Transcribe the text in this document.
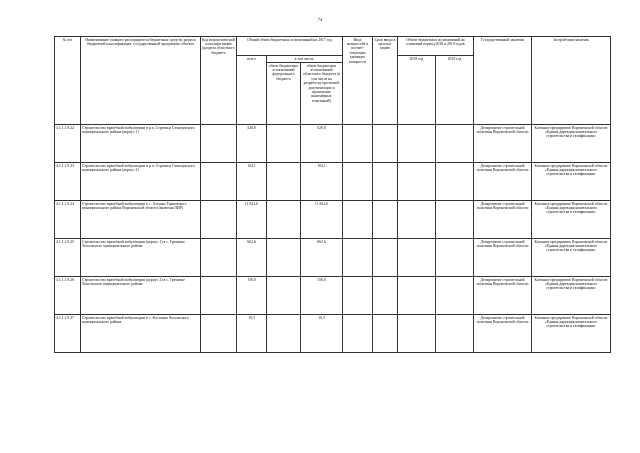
74
№ п/п	Наименование главного распорядителя бюджетных средств, раздела бюджетной классификации, государственной программы, объекта	Код ведомствен-ной классифи-кации (раздела областного бюджета	Общий объем бюджетных ассигнований на 2017 год			Ввод мощностей в соответ-ствующих единицах мощности	Срок ввода в эксплуа-тацию	Объем бюджетных ассигнований на плановый период 2018 и 2019 годов		Государственный заказчик	Застрой-щик/заказчик
			всего	в том числе:				2018 год	2019 год		
				объем бюджетных ассигнований федерального бюджета	объем бюджетных ассигнований областного бюджета (в том числе на разработку проектной документации и проведение инженерных изысканий)						
4.1.1.1.9.22	Строительство врачебной амбулатории в р.п. Стрелица Семилукского муниципального района (корпус 1)		520,8		520,8					Департамент строительной политики Воронежской области	Казенное предприятие Воронежской области «Единая дирекция капитального строительства и газификации»
4.1.1.1.9.23	Строительство врачебной амбулатории в р.п. Стрелица Семилукского муниципального района (корпус 2)		104,1		104,1					Департамент строительной политики Воронежской области	Казенное предприятие Воронежской области «Единая дирекция капитального строительства и газификации»
4.1.1.1.9.24	Строительство врачебной амбулатории в с. Алешки Терновского муниципального района Воронежской области (включая ПИР)		11 822,6		11 822,6					Департамент строительной политики Воронежской области	Казенное предприятие Воронежской области «Единая дирекция капитального строительства и газификации»
4.1.1.1.9.25	Строительство врачебной амбулатории (корпус 1) в с. Гремячье Хохольского муниципального района		662,6		662,6					Департамент строительной политики Воронежской области	Казенное предприятие Воронежской области «Единая дирекция капитального строительства и газификации»
4.1.1.1.9.26	Строительство врачебной амбулатории (корпус 2) в с. Гремячье Хохольского муниципального района		156,8		156,8					Департамент строительной политики Воронежской области	Казенное предприятие Воронежской области «Единая дирекция капитального строительства и газификации»
4.1.1.1.9.27	Строительство врачебной амбулатории в с. Костенки Хохольского муниципального района		19,3		19,3					Департамент строительной политики Воронежской области	Казенное предприятие Воронежской области «Единая дирекция капитального строительства и газификации»
